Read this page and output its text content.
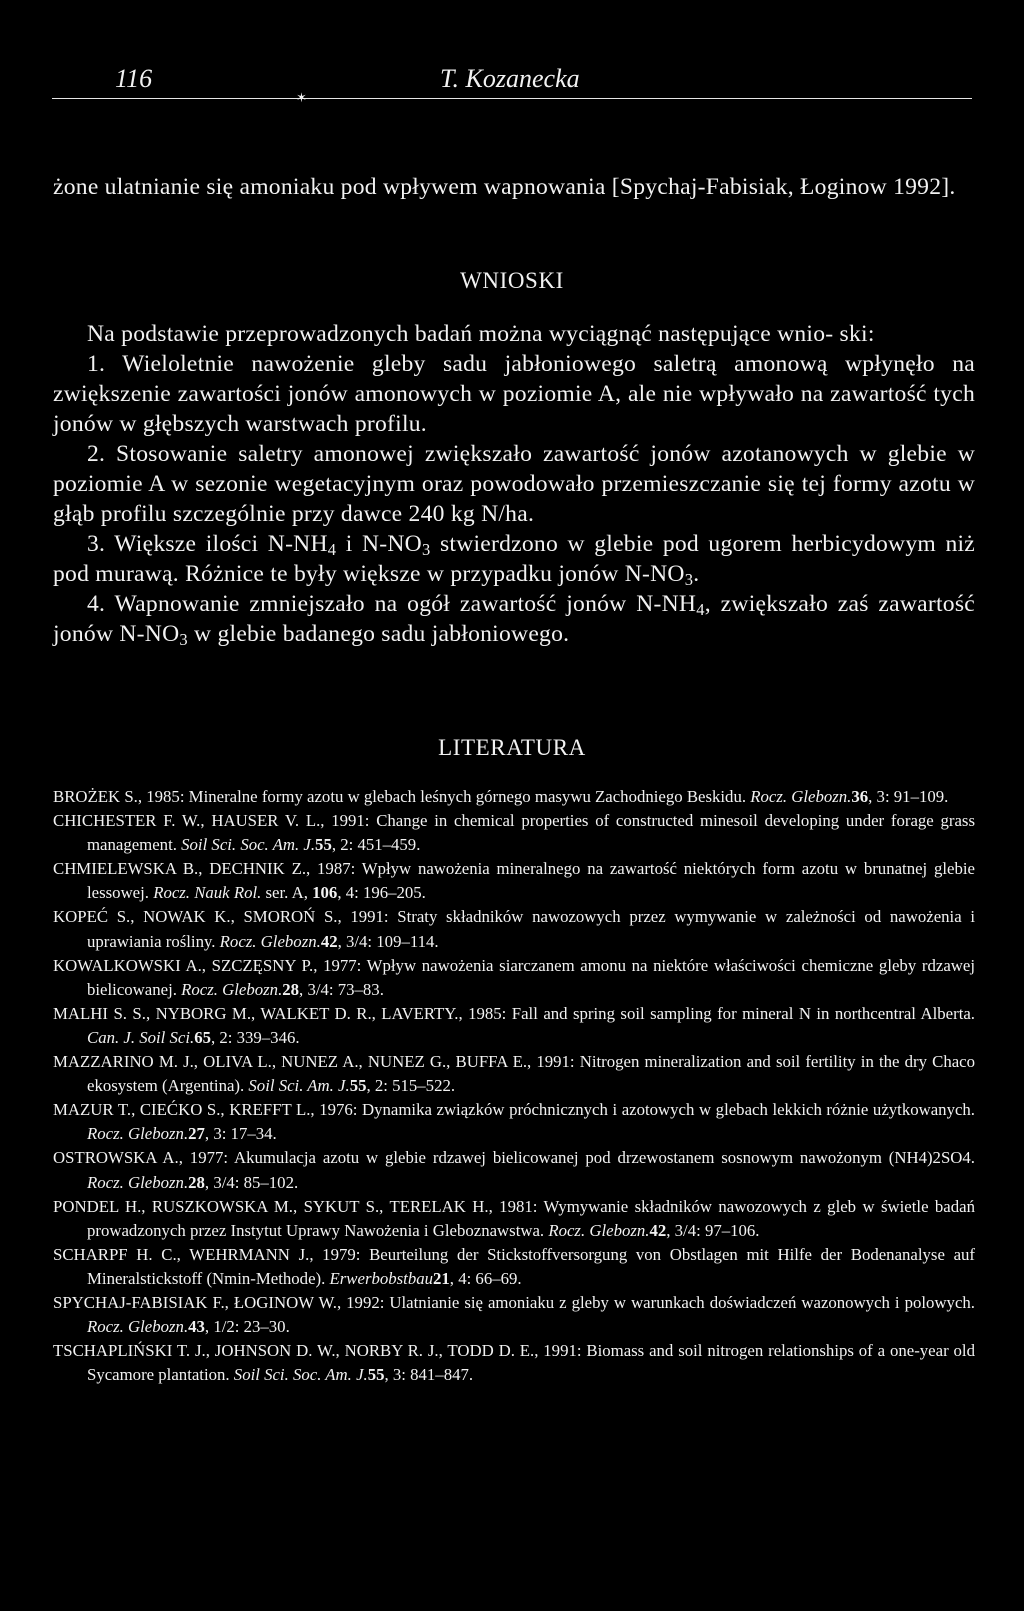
116	T. Kozanecka
✶

żone ulatnianie się amoniaku pod wpływem wapnowania [Spychaj-Fabisiak, Łoginow 1992].

WNIOSKI

Na podstawie przeprowadzonych badań można wyciągnąć następujące wnio- ski:

1. Wieloletnie nawożenie gleby sadu jabłoniowego saletrą amonową wpłynęło na zwiększenie zawartości jonów amonowych w poziomie A, ale nie wpływało na zawartość tych jonów w głębszych warstwach profilu.

2. Stosowanie saletry amonowej zwiększało zawartość jonów azotanowych w glebie w poziomie A w sezonie wegetacyjnym oraz powodowało przemieszczanie się tej formy azotu w głąb profilu szczególnie przy dawce 240 kg N/ha.

3. Większe ilości $N-NH_4$ i $N-NO_3$ stwierdzono w glebie pod ugorem herbicydowym niż pod murawą. Różnice te były większe w przypadku jonów $N-NO_3$.

4. Wapnowanie zmniejszało na ogół zawartość jonów $N-NH_4$, zwiększało zaś zawartość jonów $N-NO_3$ w glebie badanego sadu jabłoniowego.

LITERATURA
BROŻEK S., 1985: Mineralne formy azotu w glebach leśnych górnego masywu Zachodniego Beskidu. Rocz. Glebozn.36, 3: 91–109.
CHICHESTER F. W., HAUSER V. L., 1991: Change in chemical properties of constructed minesoil developing under forage grass management. Soil Sci. Soc. Am. J.55, 2: 451–459.
CHMIELEWSKA B., DECHNIK Z., 1987: Wpływ nawożenia mineralnego na zawartość niektórych form azotu w brunatnej glebie lessowej. Rocz. Nauk Rol. ser. A, 106, 4: 196–205.
KOPEĆ S., NOWAK K., SMOROŃ S., 1991: Straty składników nawozowych przez wymywanie w zależności od nawożenia i uprawiania rośliny. Rocz. Glebozn.42, 3/4: 109–114.
KOWALKOWSKI A., SZCZĘSNY P., 1977: Wpływ nawożenia siarczanem amonu na niektóre właściwości chemiczne gleby rdzawej bielicowanej. Rocz. Glebozn.28, 3/4: 73–83.
MALHI S. S., NYBORG M., WALKET D. R., LAVERTY., 1985: Fall and spring soil sampling for mineral N in northcentral Alberta. Can. J. Soil Sci.65, 2: 339–346.
MAZZARINO M. J., OLIVA L., NUNEZ A., NUNEZ G., BUFFA E., 1991: Nitrogen mineralization and soil fertility in the dry Chaco ekosystem (Argentina). Soil Sci. Am. J.55, 2: 515–522.
MAZUR T., CIEĆKO S., KREFFT L., 1976: Dynamika związków próchnicznych i azotowych w glebach lekkich różnie użytkowanych. Rocz. Glebozn.27, 3: 17–34.
OSTROWSKA A., 1977: Akumulacja azotu w glebie rdzawej bielicowanej pod drzewostanem sosnowym nawożonym (NH4)2SO4. Rocz. Glebozn.28, 3/4: 85–102.
PONDEL H., RUSZKOWSKA M., SYKUT S., TERELAK H., 1981: Wymywanie składników nawozowych z gleb w świetle badań prowadzonych przez Instytut Uprawy Nawożenia i Gleboznawstwa. Rocz. Glebozn.42, 3/4: 97–106.
SCHARPF H. C., WEHRMANN J., 1979: Beurteilung der Stickstoffversorgung von Obstlagen mit Hilfe der Bodenanalyse auf Mineralstickstoff (Nmin-Methode). Erwerbobstbau21, 4: 66–69.
SPYCHAJ-FABISIAK F., ŁOGINOW W., 1992: Ulatnianie się amoniaku z gleby w warunkach doświadczeń wazonowych i polowych. Rocz. Glebozn.43, 1/2: 23–30.
TSCHAPLIŃSKI T. J., JOHNSON D. W., NORBY R. J., TODD D. E., 1991: Biomass and soil nitrogen relationships of a one-year old Sycamore plantation. Soil Sci. Soc. Am. J.55, 3: 841–847.
